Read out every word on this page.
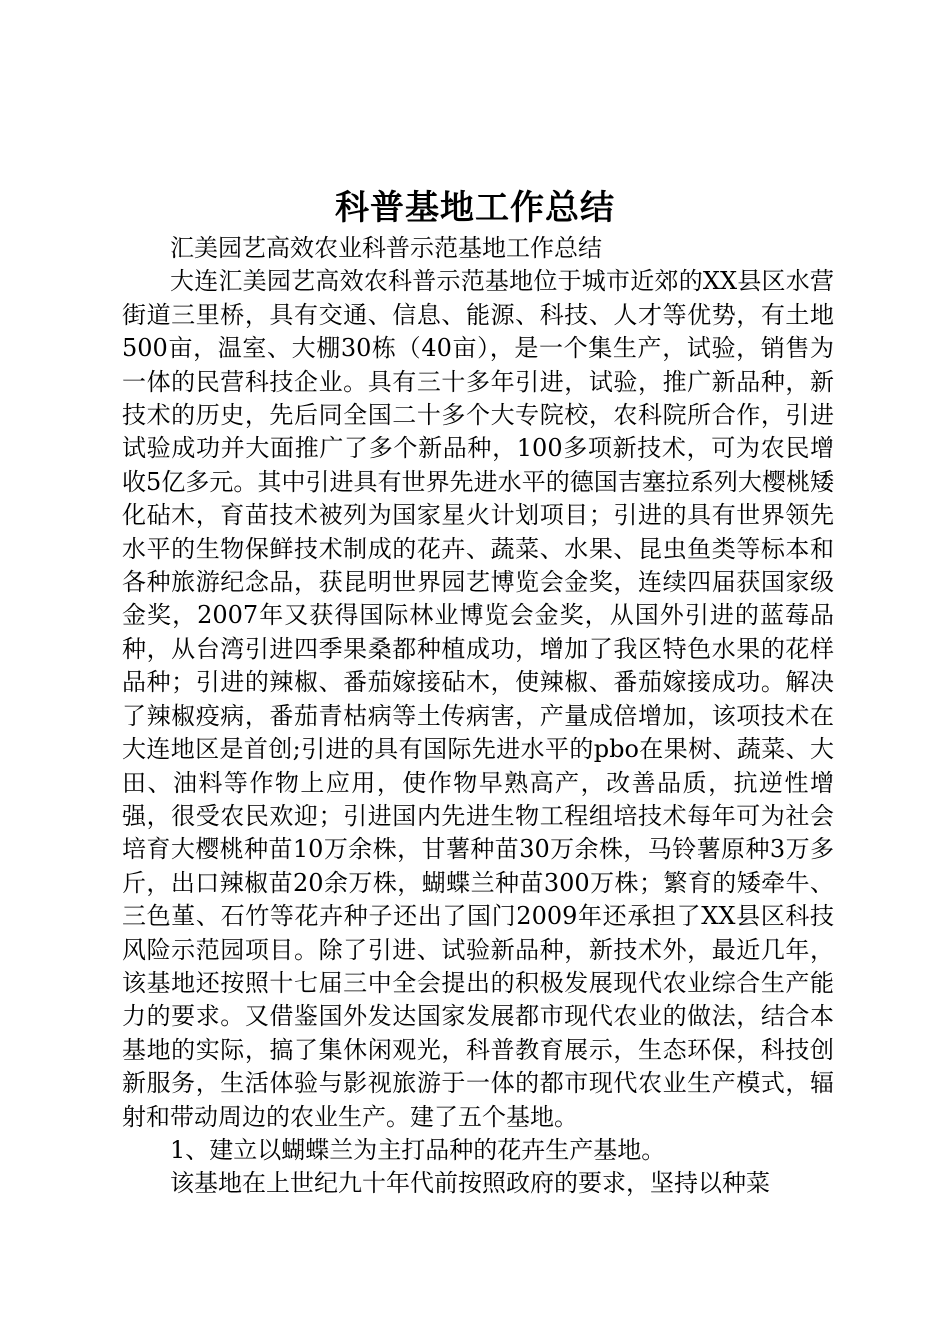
科普基地工作总结

汇美园艺高效农业科普示范基地工作总结

大连汇美园艺高效农科普示范基地位于城市近郊的XX县区水营街道三里桥，具有交通、信息、能源、科技、人才等优势，有土地500亩，温室、大棚30栋（40亩），是一个集生产，试验，销售为一体的民营科技企业。具有三十多年引进，试验，推广新品种，新技术的历史，先后同全国二十多个大专院校，农科院所合作，引进试验成功并大面推广了多个新品种，100多项新技术，可为农民增收5亿多元。其中引进具有世界先进水平的德国吉塞拉系列大樱桃矮化砧木，育苗技术被列为国家星火计划项目；引进的具有世界领先水平的生物保鲜技术制成的花卉、蔬菜、水果、昆虫鱼类等标本和各种旅游纪念品，获昆明世界园艺博览会金奖，连续四届获国家级金奖，2007年又获得国际林业博览会金奖，从国外引进的蓝莓品种，从台湾引进四季果桑都种植成功，增加了我区特色水果的花样品种；引进的辣椒、番茄嫁接砧木，使辣椒、番茄嫁接成功。解决了辣椒疫病，番茄青枯病等土传病害，产量成倍增加，该项技术在大连地区是首创;引进的具有国际先进水平的pbo在果树、蔬菜、大田、油料等作物上应用，使作物早熟高产，改善品质，抗逆性增强，很受农民欢迎；引进国内先进生物工程组培技术每年可为社会培育大樱桃种苗10万余株，甘薯种苗30万余株，马铃薯原种3万多斤，出口辣椒苗20余万株，蝴蝶兰种苗300万株；繁育的矮牵牛、三色堇、石竹等花卉种子还出了国门2009年还承担了XX县区科技风险示范园项目。除了引进、试验新品种，新技术外，最近几年，该基地还按照十七届三中全会提出的积极发展现代农业综合生产能力的要求。又借鉴国外发达国家发展都市现代农业的做法，结合本基地的实际，搞了集休闲观光，科普教育展示，生态环保，科技创新服务，生活体验与影视旅游于一体的都市现代农业生产模式，辐射和带动周边的农业生产。建了五个基地。

1、建立以蝴蝶兰为主打品种的花卉生产基地。

该基地在上世纪九十年代前按照政府的要求，坚持以种菜
